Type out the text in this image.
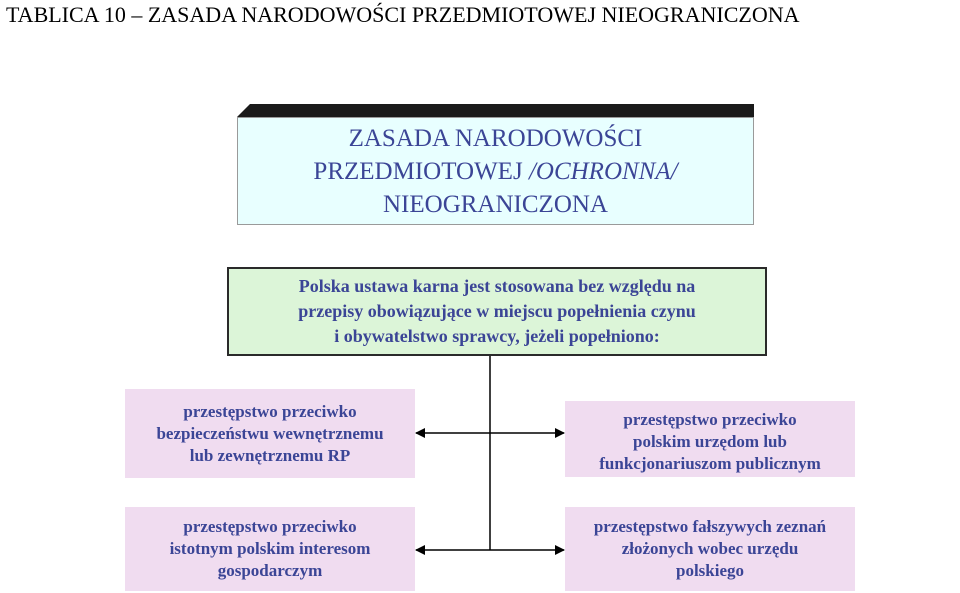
TABLICA 10 – ZASADA NARODOWOŚCI PRZEDMIOTOWEJ NIEOGRANICZONA
ZASADA NARODOWOŚCI
PRZEDMIOTOWEJ /OCHRONNA/
NIEOGRANICZONA
Polska ustawa karna jest stosowana bez względu na
przepisy obowiązujące w miejscu popełnienia czynu
i obywatelstwo sprawcy, jeżeli popełniono:
przestępstwo przeciwko
bezpieczeństwu wewnętrznemu
lub zewnętrznemu RP
przestępstwo przeciwko
polskim urzędom lub
funkcjonariuszom publicznym
przestępstwo przeciwko
istotnym polskim interesom
gospodarczym
przestępstwo fałszywych zeznań
złożonych wobec urzędu
polskiego
